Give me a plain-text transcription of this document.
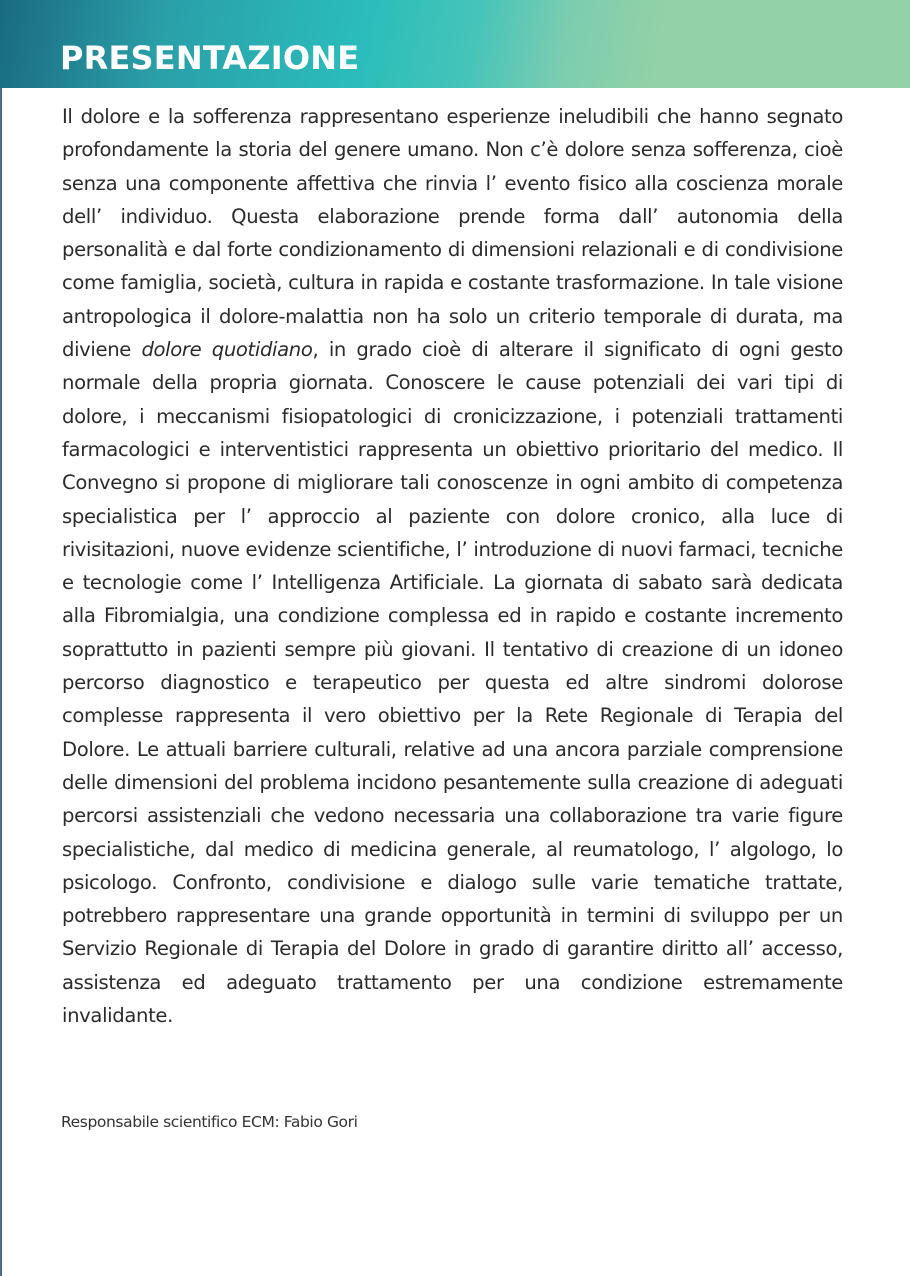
PRESENTAZIONE

Il dolore e la sofferenza rappresentano esperienze ineludibili che hanno segnato profondamente la storia del genere umano. Non c’è dolore senza sofferenza, cioè senza una componente affettiva che rinvia l’ evento fisico alla coscienza morale dell’ individuo. Questa elaborazione prende forma dall’ autonomia della personalità e dal forte condizionamento di dimensioni relazionali e di condivisione come famiglia, società, cultura in rapida e costante trasformazione. In tale visione antropologica il dolore-malattia non ha solo un criterio temporale di durata, ma diviene dolore quotidiano, in grado cioè di alterare il significato di ogni gesto normale della propria giornata. Conoscere le cause potenziali dei vari tipi di dolore, i meccanismi fisiopatologici di cronicizzazione, i potenziali trattamenti farmacologici e interventistici rappresenta un obiettivo prioritario del medico. Il Convegno si propone di migliorare tali conoscenze in ogni ambito di competenza specialistica per l’ approccio al paziente con dolore cronico, alla luce di rivisitazioni, nuove evidenze scientifiche, l’ introduzione di nuovi farmaci, tecniche e tecnologie come l’ Intelligenza Artificiale. La giornata di sabato sarà dedicata alla Fibromialgia, una condizione complessa ed in rapido e costante incremento soprattutto in pazienti sempre più giovani. Il tentativo di creazione di un idoneo percorso diagnostico e terapeutico per questa ed altre sindromi dolorose complesse rappresenta il vero obiettivo per la Rete Regionale di Terapia del Dolore. Le attuali barriere culturali, relative ad una ancora parziale comprensione delle dimensioni del problema incidono pesantemente sulla creazione di adeguati percorsi assistenziali che vedono necessaria una collaborazione tra varie figure specialistiche, dal medico di medicina generale, al reumatologo, l’ algologo, lo psicologo. Confronto, condivisione e dialogo sulle varie tematiche trattate, potrebbero rappresentare una grande opportunità in termini di sviluppo per un Servizio Regionale di Terapia del Dolore in grado di garantire diritto all’ accesso, assistenza ed adeguato trattamento per una condizione estremamente invalidante.

Responsabile scientifico ECM: Fabio Gori
